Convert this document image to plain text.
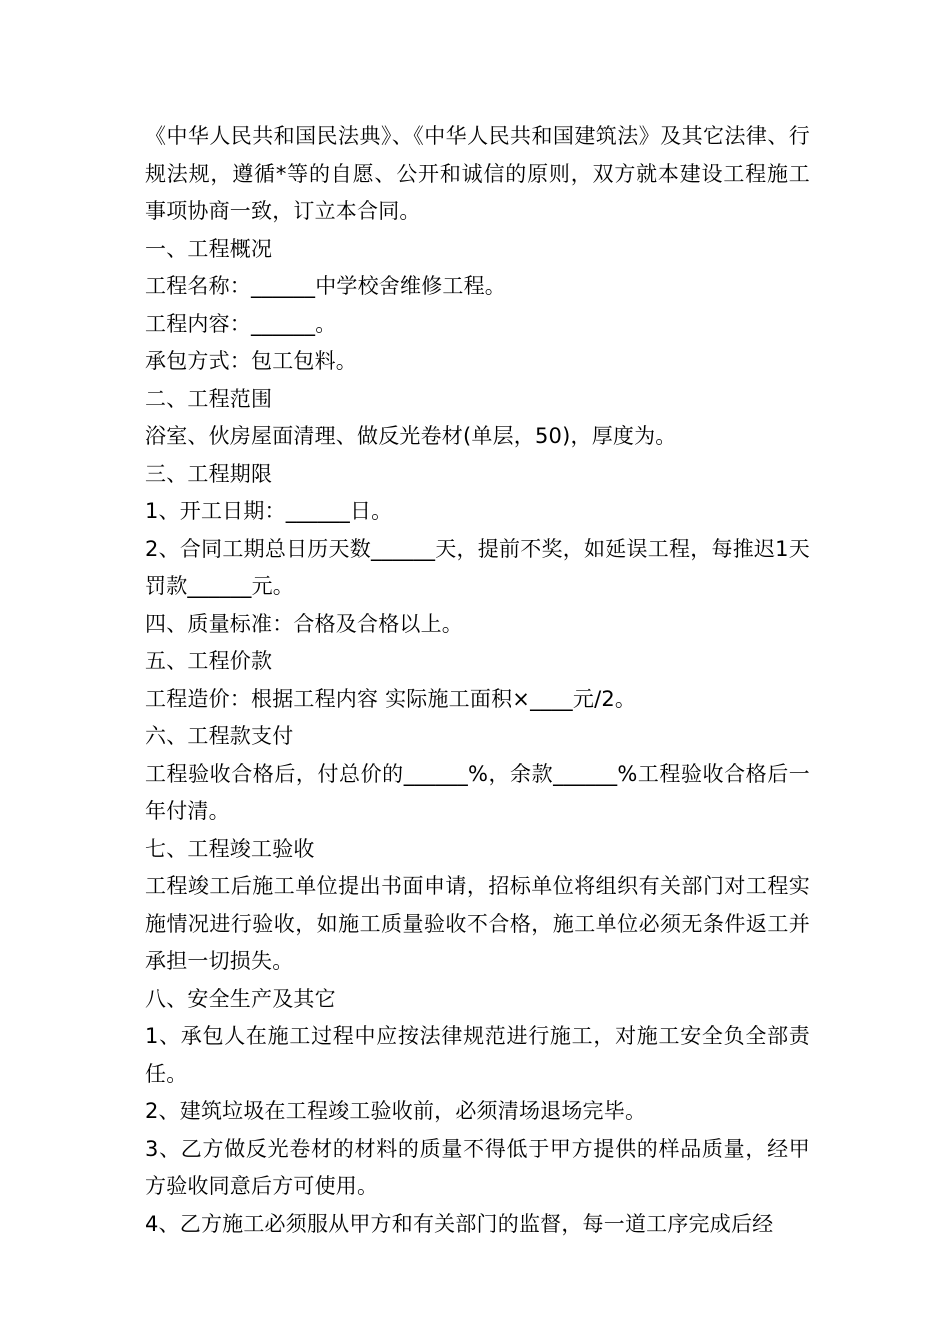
《中华人民共和国民法典》、《中华人民共和国建筑法》及其它法律、行规法规，遵循*等的自愿、公开和诚信的原则，双方就本建设工程施工事项协商一致，订立本合同。

一、工程概况

工程名称：______中学校舍维修工程。

工程内容：______。

承包方式：包工包料。

二、工程范围

浴室、伙房屋面清理、做反光卷材(单层，50)，厚度为。

三、工程期限

1、开工日期：______日。

2、合同工期总日历天数______天，提前不奖，如延误工程，每推迟1天罚款______元。

四、质量标准：合格及合格以上。

五、工程价款

工程造价：根据工程内容 实际施工面积×____元/2。

六、工程款支付

工程验收合格后，付总价的______%，余款______%工程验收合格后一年付清。

七、工程竣工验收

工程竣工后施工单位提出书面申请，招标单位将组织有关部门对工程实施情况进行验收，如施工质量验收不合格，施工单位必须无条件返工并承担一切损失。

八、安全生产及其它

1、承包人在施工过程中应按法律规范进行施工，对施工安全负全部责任。

2、建筑垃圾在工程竣工验收前，必须清场退场完毕。

3、乙方做反光卷材的材料的质量不得低于甲方提供的样品质量，经甲方验收同意后方可使用。

4、乙方施工必须服从甲方和有关部门的监督，每一道工序完成后经
